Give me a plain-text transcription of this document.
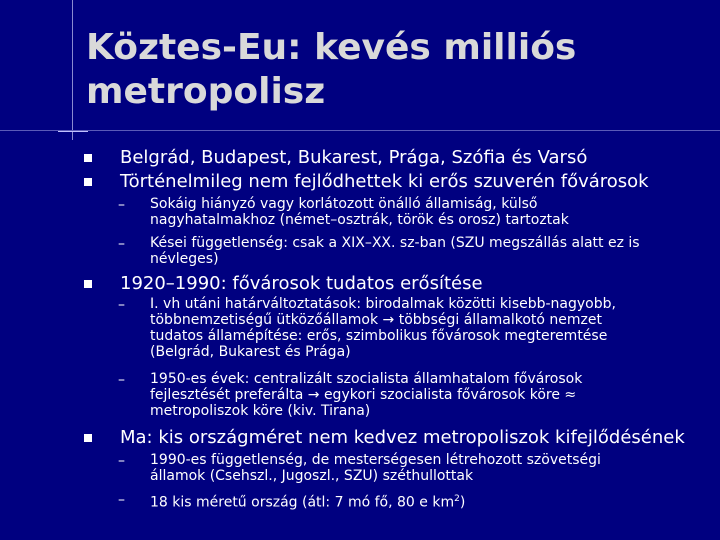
Köztes-Eu: kevés milliós
metropolisz
Belgrád, Budapest, Bukarest, Prága, Szófia és Varsó
Történelmileg nem fejlődhettek ki erős szuverén fővárosok
– Sokáig hiányzó vagy korlátozott önálló államiság, külső
nagyhatalmakhoz (német–osztrák, török és orosz) tartoztak
– Kései függetlenség: csak a XIX–XX. sz-ban (SZU megszállás alatt ez is
névleges)
1920–1990: fővárosok tudatos erősítése
– I. vh utáni határváltoztatások: birodalmak közötti kisebb-nagyobb,
többnemzetiségű ütközőállamok → többségi államalkotó nemzet
tudatos államépítése: erős, szimbolikus fővárosok megteremtése
(Belgrád, Bukarest és Prága)
– 1950-es évek: centralizált szocialista államhatalom fővárosok
fejlesztését preferálta → egykori szocialista fővárosok köre ≈
metropoliszok köre (kiv. Tirana)
Ma: kis országméret nem kedvez metropoliszok kifejlődésének
– 1990-es függetlenség, de mesterségesen létrehozott szövetségi
államok (Csehszl., Jugoszl., SZU) széthullottak
– 18 kis méretű ország (átl: 7 mó fő, 80 e $km^2$)
